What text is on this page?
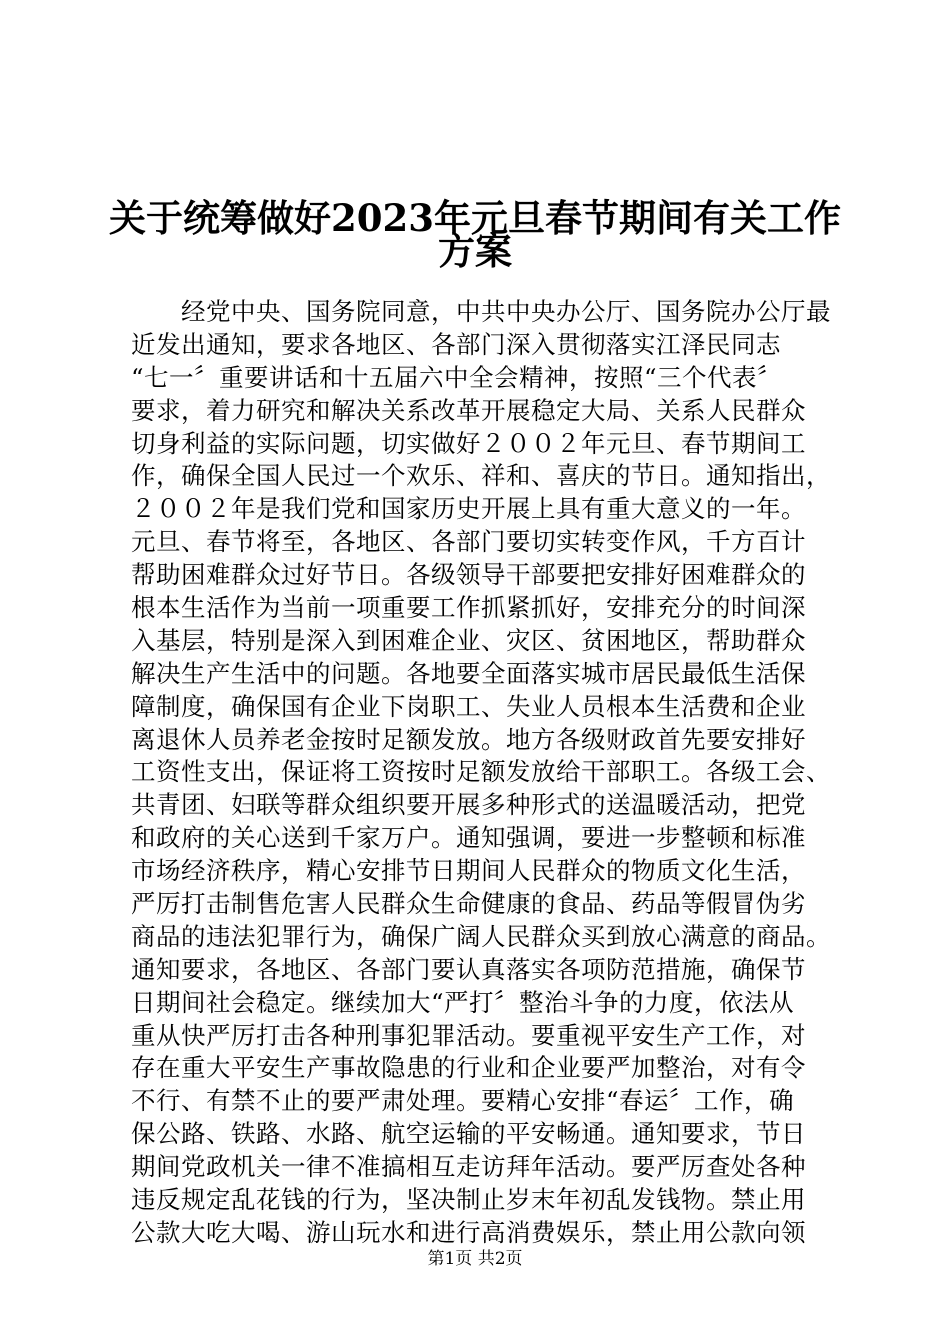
关于统筹做好2023年元旦春节期间有关工作
方案
　　经党中央、国务院同意，中共中央办公厅、国务院办公厅最
近发出通知，要求各地区、各部门深入贯彻落实江泽民同志
“七一〞重要讲话和十五届六中全会精神，按照“三个代表〞
要求，着力研究和解决关系改革开展稳定大局、关系人民群众
切身利益的实际问题，切实做好２００２年元旦、春节期间工
作，确保全国人民过一个欢乐、祥和、喜庆的节日。通知指出，
２００２年是我们党和国家历史开展上具有重大意义的一年。
元旦、春节将至，各地区、各部门要切实转变作风，千方百计
帮助困难群众过好节日。各级领导干部要把安排好困难群众的
根本生活作为当前一项重要工作抓紧抓好，安排充分的时间深
入基层，特别是深入到困难企业、灾区、贫困地区，帮助群众
解决生产生活中的问题。各地要全面落实城市居民最低生活保
障制度，确保国有企业下岗职工、失业人员根本生活费和企业
离退休人员养老金按时足额发放。地方各级财政首先要安排好
工资性支出，保证将工资按时足额发放给干部职工。各级工会、
共青团、妇联等群众组织要开展多种形式的送温暖活动，把党
和政府的关心送到千家万户。通知强调，要进一步整顿和标准
市场经济秩序，精心安排节日期间人民群众的物质文化生活，
严厉打击制售危害人民群众生命健康的食品、药品等假冒伪劣
商品的违法犯罪行为，确保广阔人民群众买到放心满意的商品。
通知要求，各地区、各部门要认真落实各项防范措施，确保节
日期间社会稳定。继续加大“严打〞整治斗争的力度，依法从
重从快严厉打击各种刑事犯罪活动。要重视平安生产工作，对
存在重大平安生产事故隐患的行业和企业要严加整治，对有令
不行、有禁不止的要严肃处理。要精心安排“春运〞工作，确
保公路、铁路、水路、航空运输的平安畅通。通知要求，节日
期间党政机关一律不准搞相互走访拜年活动。要严厉查处各种
违反规定乱花钱的行为，坚决制止岁末年初乱发钱物。禁止用
公款大吃大喝、游山玩水和进行高消费娱乐，禁止用公款向领
第1页 共2页
